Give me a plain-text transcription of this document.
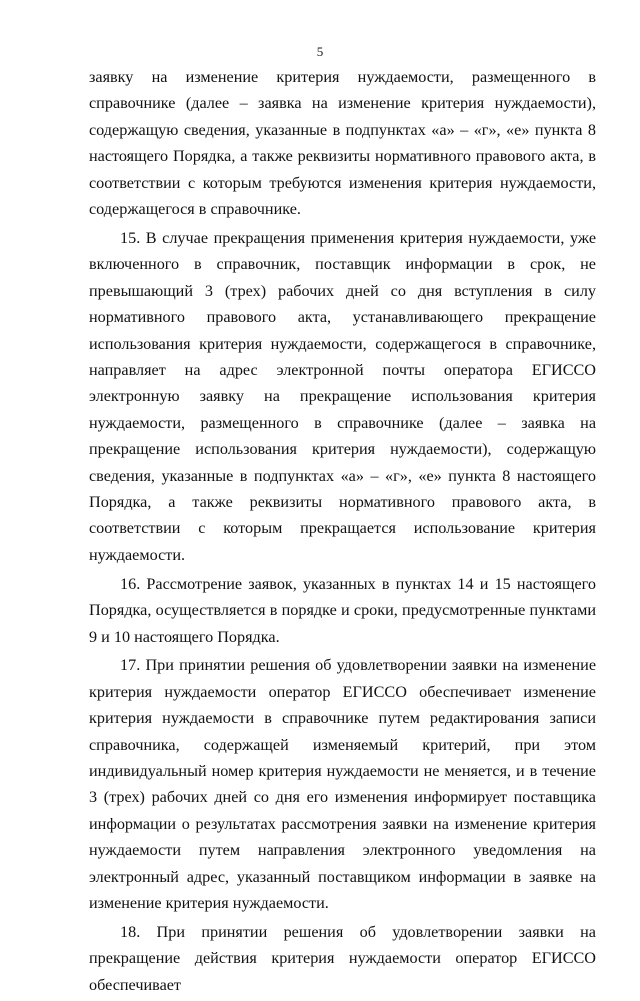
5

заявку на изменение критерия нуждаемости, размещенного в справочнике (далее – заявка на изменение критерия нуждаемости), содержащую сведения, указанные в подпунктах «а» – «г», «е» пункта 8 настоящего Порядка, а также реквизиты нормативного правового акта, в соответствии с которым требуются изменения критерия нуждаемости, содержащегося в справочнике.

15. В случае прекращения применения критерия нуждаемости, уже включенного в справочник, поставщик информации в срок, не превышающий 3 (трех) рабочих дней со дня вступления в силу нормативного правового акта, устанавливающего прекращение использования критерия нуждаемости, содержащегося в справочнике, направляет на адрес электронной почты оператора ЕГИССО электронную заявку на прекращение использования критерия нуждаемости, размещенного в справочнике (далее – заявка на прекращение использования критерия нуждаемости), содержащую сведения, указанные в подпунктах «а» – «г», «е» пункта 8 настоящего Порядка, а также реквизиты нормативного правового акта, в соответствии с которым прекращается использование критерия нуждаемости.

16. Рассмотрение заявок, указанных в пунктах 14 и 15 настоящего Порядка, осуществляется в порядке и сроки, предусмотренные пунктами 9 и 10 настоящего Порядка.

17. При принятии решения об удовлетворении заявки на изменение критерия нуждаемости оператор ЕГИССО обеспечивает изменение критерия нуждаемости в справочнике путем редактирования записи справочника, содержащей изменяемый критерий, при этом индивидуальный номер критерия нуждаемости не меняется, и в течение 3 (трех) рабочих дней со дня его изменения информирует поставщика информации о результатах рассмотрения заявки на изменение критерия нуждаемости путем направления электронного уведомления на электронный адрес, указанный поставщиком информации в заявке на изменение критерия нуждаемости.

18. При принятии решения об удовлетворении заявки на прекращение действия критерия нуждаемости оператор ЕГИССО обеспечивает
